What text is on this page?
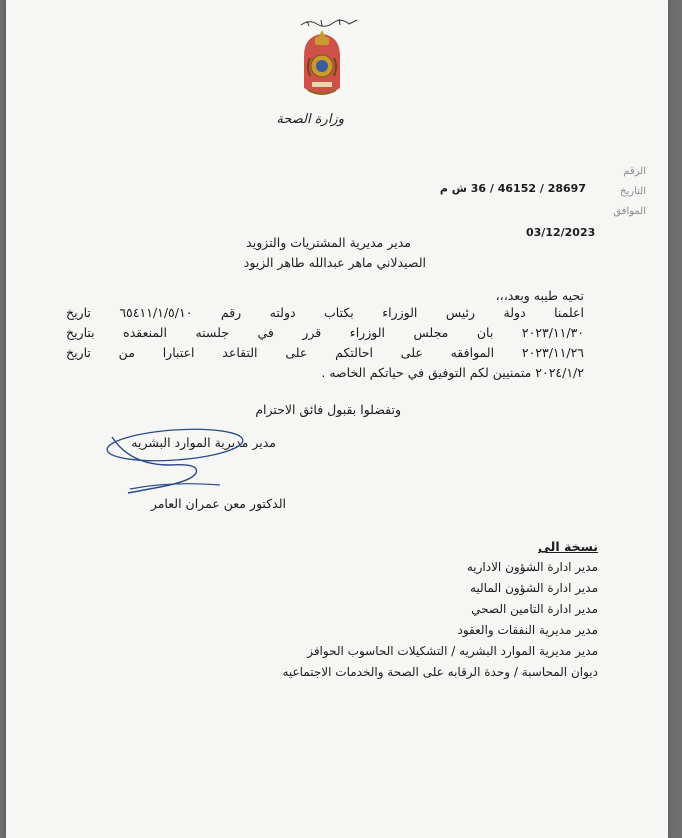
وزارة الصحة
الرقم
التاريخ
الموافق
28697 / 46152 / 36 ش م
03/12/2023
مدير مديرية المشتريات والتزويد
الصيدلاني ماهر عبدالله طاهر الزيود
تحيه طيبه وبعد،،،
اعلمنا دولة رئيس الوزراء بكتاب دولته رقم ٦٥٤١١/١/٥/١٠ تاريخ
٢٠٢٣/١١/٣٠ بان مجلس الوزراء قرر في جلسته المنعقده بتاريخ
٢٠٢٣/١١/٢٦ الموافقه على احالتكم على التقاعد اعتبارا من تاريخ
٢٠٢٤/١/٢ متمنيين لكم التوفيق في حياتكم الخاصه .
وتفضلوا بقبول فائق الاحترام
مدير مديرية الموارد البشريه
الدكتور معن عمران العامر
نسخة الى
مدير ادارة الشؤون الاداريه
مدير ادارة الشؤون الماليه
مدير ادارة التامين الصحي
مدير مديرية النفقات والعقود
مدير مديرية الموارد البشريه / التشكيلات الحاسوب الحوافز
ديوان المحاسبة / وحدة الرقابه على الصحة والخدمات الاجتماعيه
